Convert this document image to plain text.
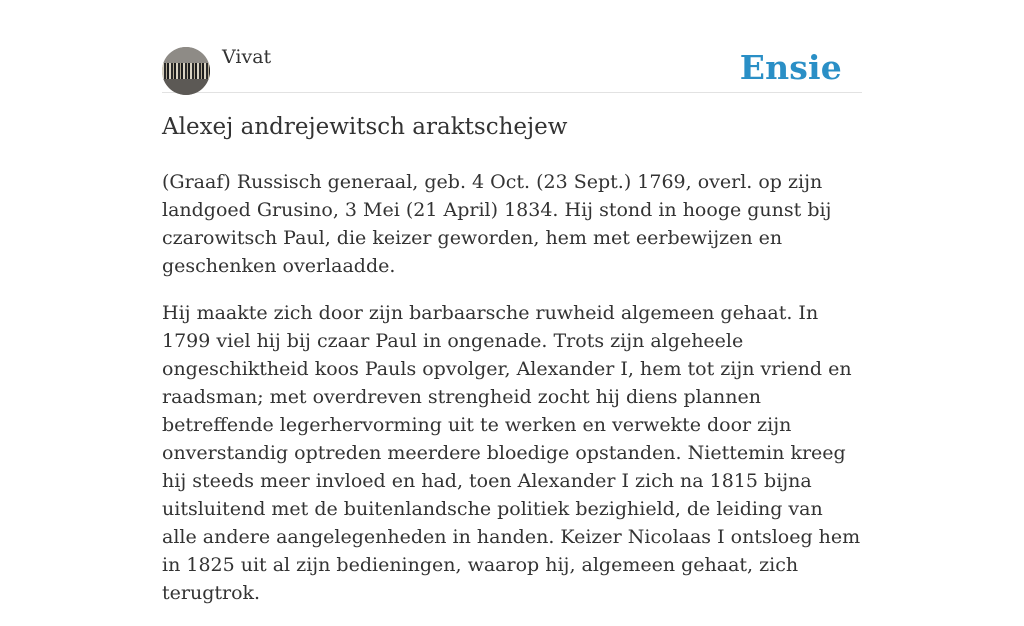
Vivat	Ensie
Alexej andrejewitsch araktschejew

(Graaf) Russisch generaal, geb. 4 Oct. (23 Sept.) 1769, overl. op zijn landgoed Grusino, 3 Mei (21 April) 1834. Hij stond in hooge gunst bij czarowitsch Paul, die keizer geworden, hem met eerbewijzen en geschenken overlaadde.

Hij maakte zich door zijn barbaarsche ruwheid algemeen gehaat. In 1799 viel hij bij czaar Paul in ongenade. Trots zijn algeheele ongeschiktheid koos Pauls opvolger, Alexander I, hem tot zijn vriend en raadsman; met overdreven strengheid zocht hij diens plannen betreffende legerhervorming uit te werken en verwekte door zijn onverstandig optreden meerdere bloedige opstanden. Niettemin kreeg hij steeds meer invloed en had, toen Alexander I zich na 1815 bijna uitsluitend met de buitenlandsche politiek bezighield, de leiding van alle andere aangelegenheden in handen. Keizer Nicolaas I ontsloeg hem in 1825 uit al zijn bedieningen, waarop hij, algemeen gehaat, zich terugtrok.
